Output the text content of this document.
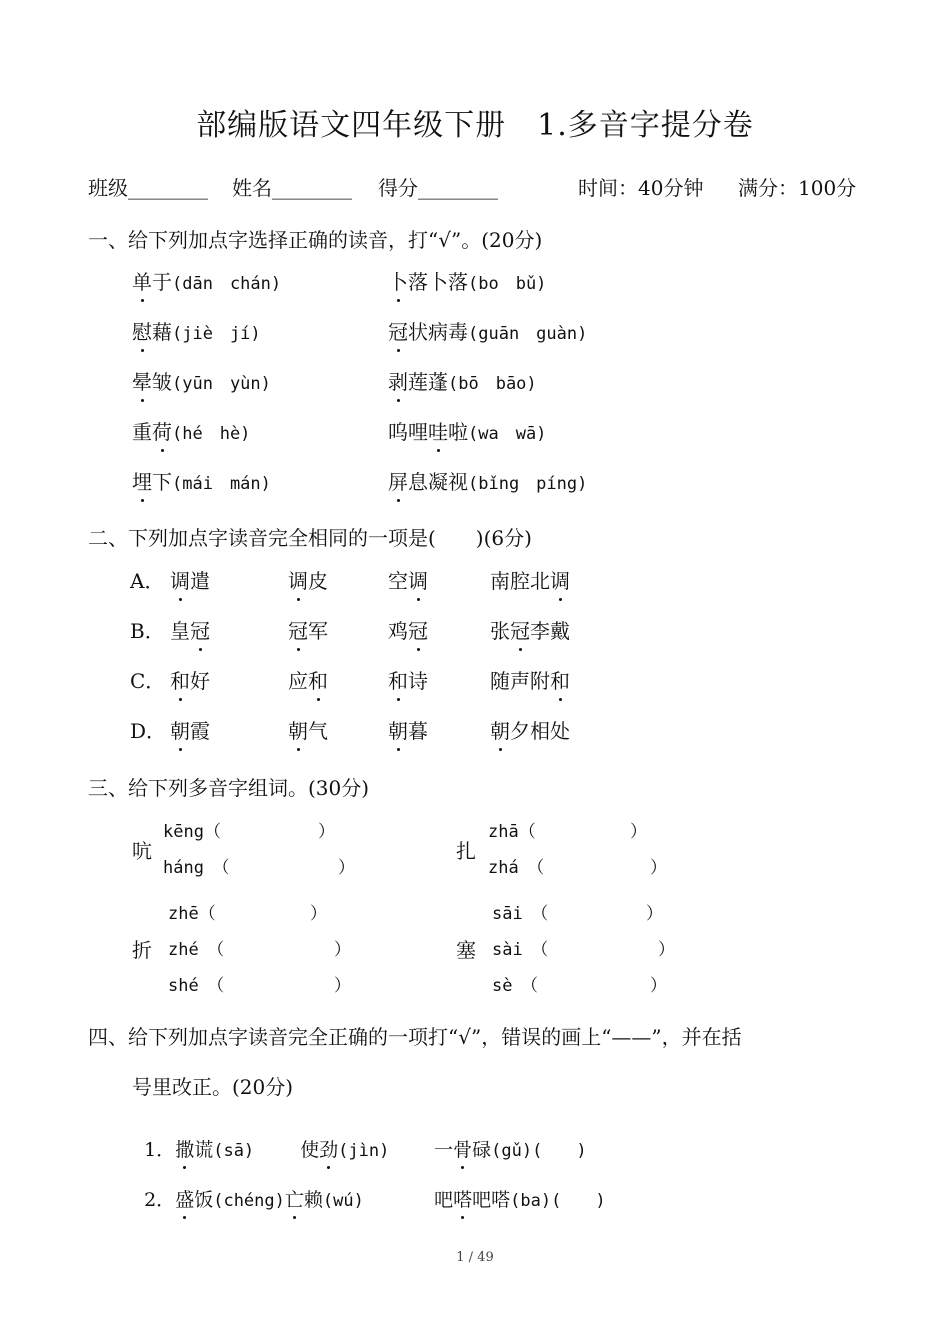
部编版语文四年级下册　1.多音字提分卷
班级________ 姓名________ 得分________	时间：40分钟 满分：100分
一、给下列加点字选择正确的读音，打“√”。(20分)
单于(dān　chán)	卜落卜落(bo　bǔ)
慰藉(jiè　jí)	冠状病毒(guān　guàn)
晕皱(yūn　yùn)	剥莲蓬(bō　bāo)
重荷(hé　hè)	呜哩哇啦(wa　wā)
埋下(mái　mán)	屏息凝视(bǐng　píng)
二、下列加点字读音完全相同的一项是(　　)(6分)
A． 调遣	调皮	空调	南腔北调
B． 皇冠	冠军	鸡冠	张冠李戴
C． 和好	应和	和诗	随声附和
D． 朝霞	朝气	朝暮	朝夕相处
三、给下列多音字组词。(30分)
吭
kēng（	）
háng　（	）
扎
zhā（	）
zhá　（	）
折
zhē（	）
zhé　（	）
shé　（	）
塞
sāi　（	）
sài　（	）
sè　（	）
四、给下列加点字读音完全正确的一项打“√”，错误的画上“——”，并在括
号里改正。(20分)

1．撒谎(sā)	使劲(jìn)	一骨碌(gǔ)(　　)

2．盛饭(chéng)亡赖(wú)	吧嗒吧嗒(ba)(　　)

1 / 49
